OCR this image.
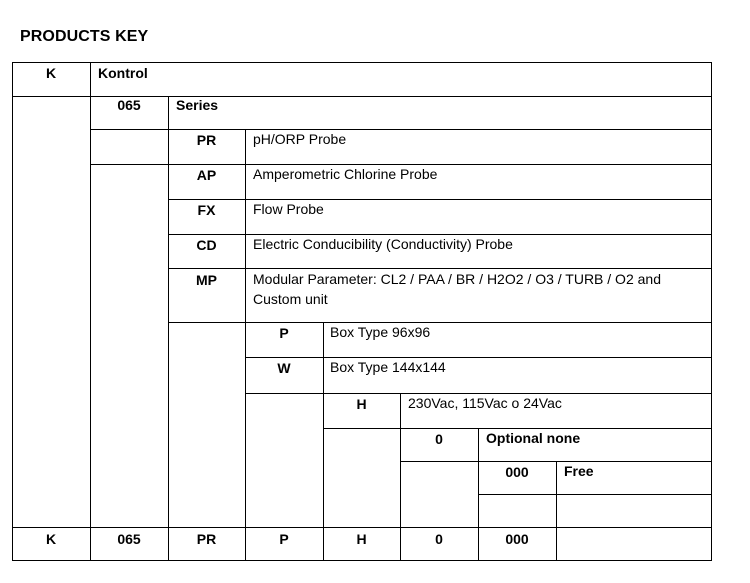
PRODUCTS KEY
K	Kontrol
065	Series
PR	pH/ORP Probe
AP	Amperometric Chlorine Probe
FX	Flow Probe
CD	Electric Conducibility (Conductivity) Probe
MP	Modular Parameter: CL2 / PAA / BR / H2O2 / O3 / TURB / O2 and
Custom unit
P	Box Type 96x96
W	Box Type 144x144
H	230Vac, 115Vac o 24Vac
0	Optional none
000	Free
K	065	PR	P	H	0	000
